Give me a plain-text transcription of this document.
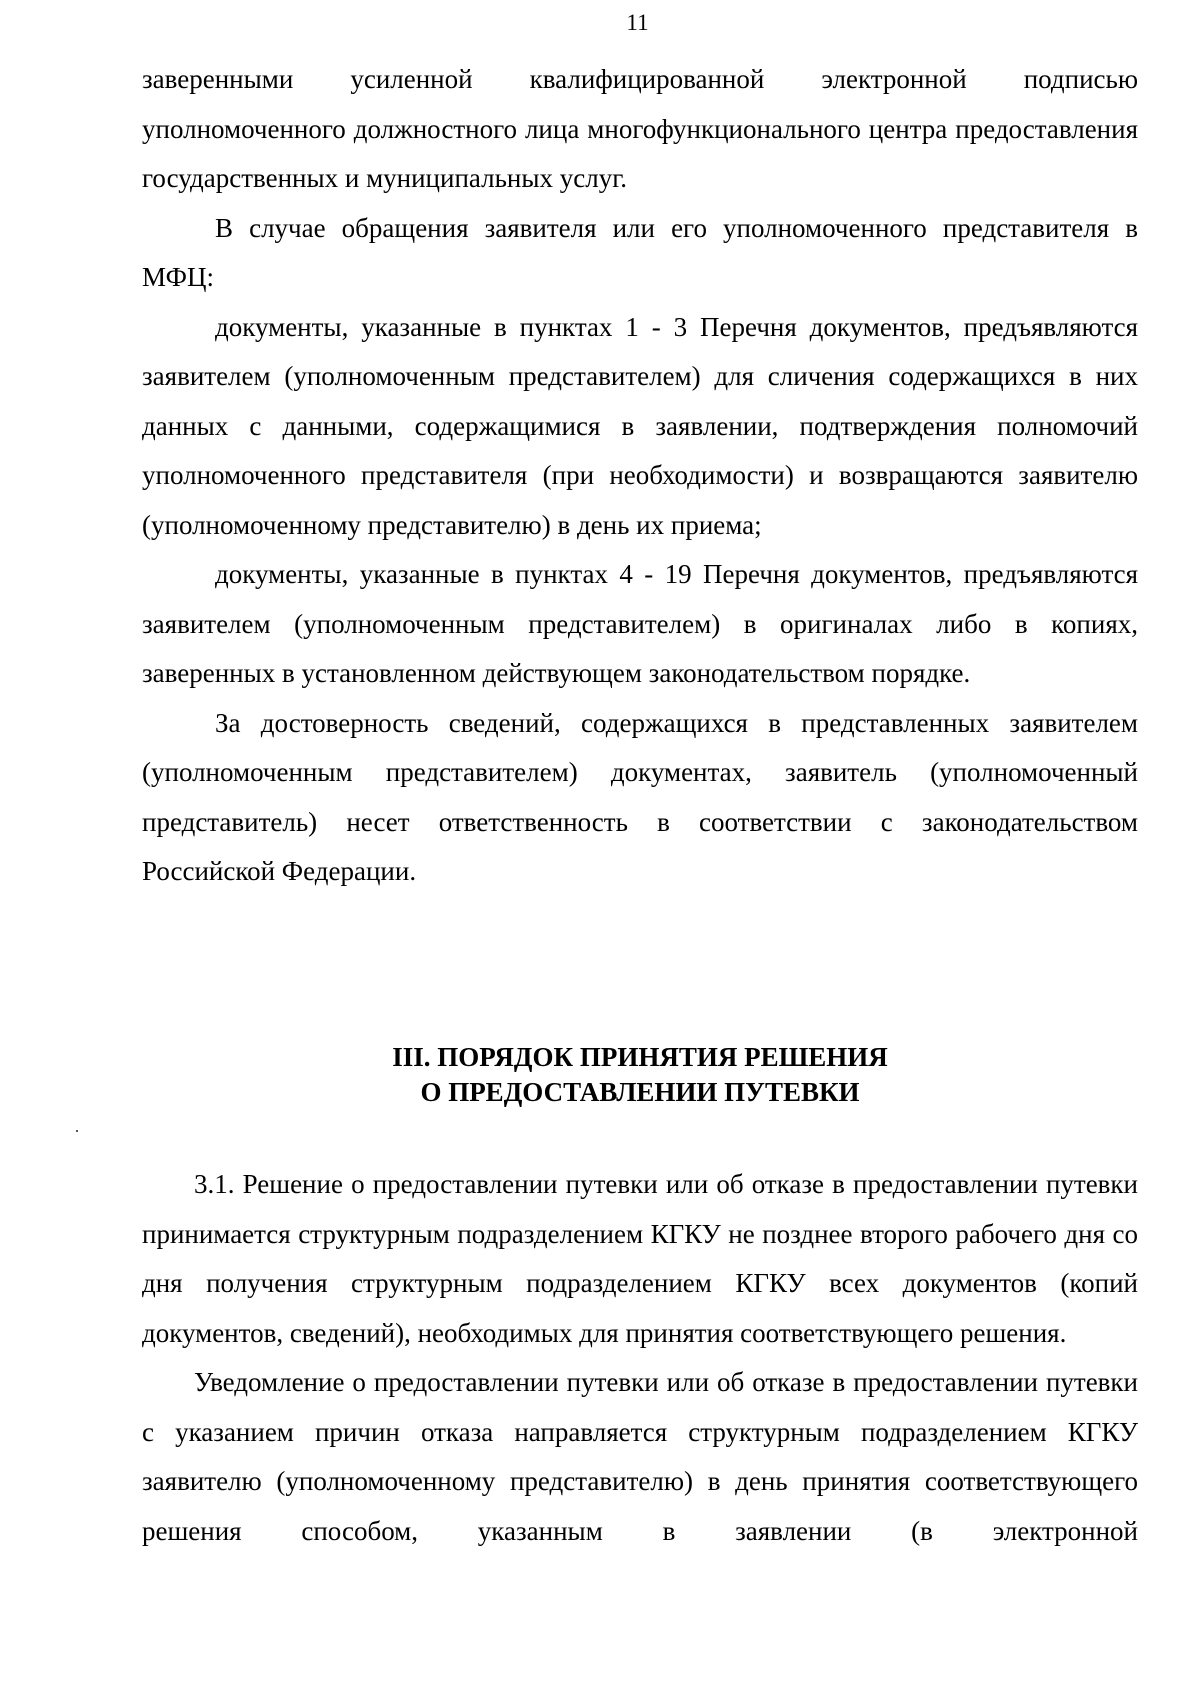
11

заверенными усиленной квалифицированной электронной подписью уполномоченного должностного лица многофункционального центра предоставления государственных и муниципальных услуг.

В случае обращения заявителя или его уполномоченного представителя в МФЦ:

документы, указанные в пунктах 1 - 3 Перечня документов, предъявляются заявителем (уполномоченным представителем) для сличения содержащихся в них данных с данными, содержащимися в заявлении, подтверждения полномочий уполномоченного представителя (при необходимости) и возвращаются заявителю (уполномоченному представителю) в день их приема;

документы, указанные в пунктах 4 - 19 Перечня документов, предъявляются заявителем (уполномоченным представителем) в оригиналах либо в копиях, заверенных в установленном действующем законодательством порядке.

За достоверность сведений, содержащихся в представленных заявителем (уполномоченным представителем) документах, заявитель (уполномоченный представитель) несет ответственность в соответствии с законодательством Российской Федерации.

III. ПОРЯДОК ПРИНЯТИЯ РЕШЕНИЯ
О ПРЕДОСТАВЛЕНИИ ПУТЕВКИ

3.1. Решение о предоставлении путевки или об отказе в предоставлении путевки принимается структурным подразделением КГКУ не позднее второго рабочего дня со дня получения структурным подразделением КГКУ всех документов (копий документов, сведений), необходимых для принятия соответствующего решения.

Уведомление о предоставлении путевки или об отказе в предоставлении путевки с указанием причин отказа направляется структурным подразделением КГКУ заявителю (уполномоченному представителю) в день принятия соответствующего решения способом, указанным в заявлении (в электронной
